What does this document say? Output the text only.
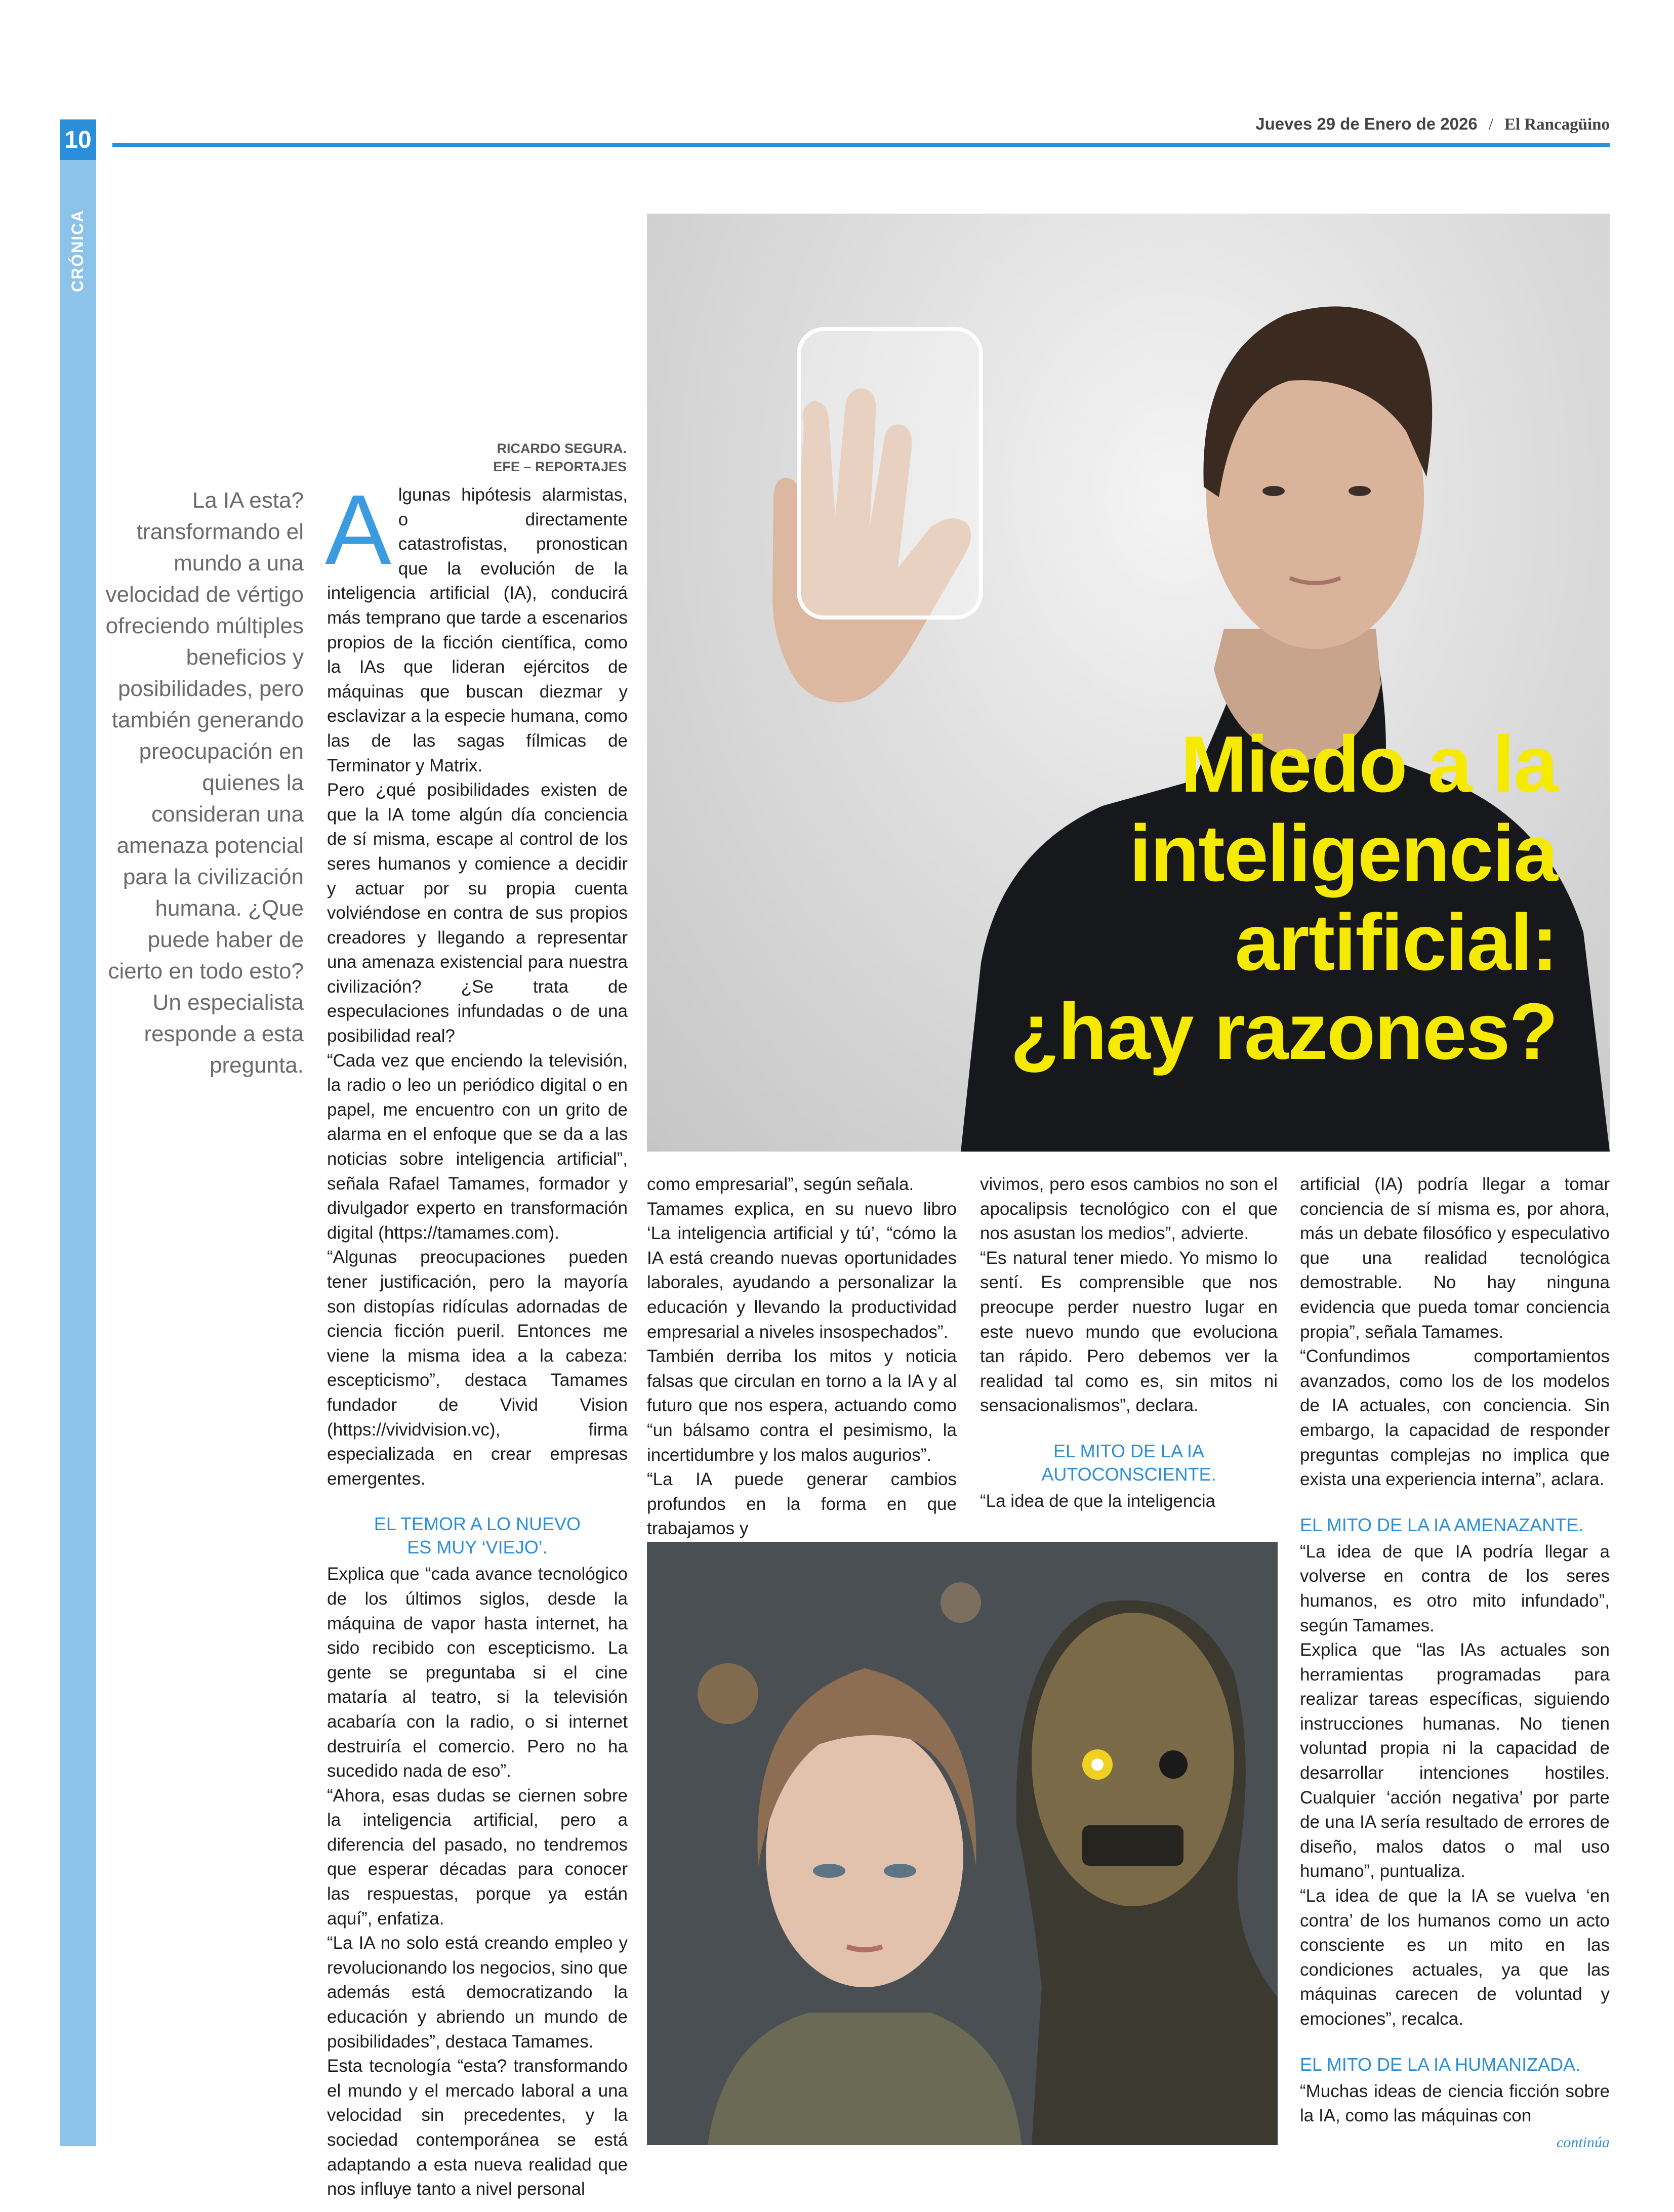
10
CRÓNICA
Jueves 29 de Enero de 2026 / El Rancagüino
Miedo a la
inteligencia
artificial:
¿hay razones?
RICARDO SEGURA.
EFE – REPORTAJES
La IA esta? transformando el mundo a una velocidad de vértigo ofreciendo múltiples beneficios y posibilidades, pero también generando preocupación en quienes la consideran una amenaza potencial para la civilización humana. ¿Que puede haber de cierto en todo esto? Un especialista responde a esta pregunta.

Algunas hipótesis alarmistas, o directamente catastrofistas, pronostican que la evolución de la inteligencia artificial (IA), conducirá más temprano que tarde a escenarios propios de la ficción científica, como la IAs que lideran ejércitos de máquinas que buscan diezmar y esclavizar a la especie humana, como las de las sagas fílmicas de Terminator y Matrix.

Pero ¿qué posibilidades existen de que la IA tome algún día conciencia de sí misma, escape al control de los seres humanos y comience a decidir y actuar por su propia cuenta volviéndose en contra de sus propios creadores y llegando a representar una amenaza existencial para nuestra civilización? ¿Se trata de especulaciones infundadas o de una posibilidad real?

“Cada vez que enciendo la televisión, la radio o leo un periódico digital o en papel, me encuentro con un grito de alarma en el enfoque que se da a las noticias sobre inteligencia artificial”, señala Rafael Tamames, formador y divulgador experto en transformación digital (https://tamames.com).

“Algunas preocupaciones pueden tener justificación, pero la mayoría son distopías ridículas adornadas de ciencia ficción pueril. Entonces me viene la misma idea a la cabeza: escepticismo”, destaca Tamames fundador de Vivid Vision (https://vividvision.vc), firma especializada en crear empresas emergentes.

EL TEMOR A LO NUEVO
ES MUY ‘VIEJO’.

Explica que “cada avance tecnológico de los últimos siglos, desde la máquina de vapor hasta internet, ha sido recibido con escepticismo. La gente se preguntaba si el cine mataría al teatro, si la televisión acabaría con la radio, o si internet destruiría el comercio. Pero no ha sucedido nada de eso”.

“Ahora, esas dudas se ciernen sobre la inteligencia artificial, pero a diferencia del pasado, no tendremos que esperar décadas para conocer las respuestas, porque ya están aquí”, enfatiza.

“La IA no solo está creando empleo y revolucionando los negocios, sino que además está democratizando la educación y abriendo un mundo de posibilidades”, destaca Tamames.

Esta tecnología “esta? transformando el mundo y el mercado laboral a una velocidad sin precedentes, y la sociedad contemporánea se está adaptando a esta nueva realidad que nos influye tanto a nivel personal

como empresarial”, según señala.

Tamames explica, en su nuevo libro ‘La inteligencia artificial y tú’, “cómo la IA está creando nuevas oportunidades laborales, ayudando a personalizar la educación y llevando la productividad empresarial a niveles insospechados”.

También derriba los mitos y noticia falsas que circulan en torno a la IA y al futuro que nos espera, actuando como “un bálsamo contra el pesimismo, la incertidumbre y los malos augurios”.

“La IA puede generar cambios profundos en la forma en que trabajamos y

vivimos, pero esos cambios no son el apocalipsis tecnológico con el que nos asustan los medios”, advierte.

“Es natural tener miedo. Yo mismo lo sentí. Es comprensible que nos preocupe perder nuestro lugar en este nuevo mundo que evoluciona tan rápido. Pero debemos ver la realidad tal como es, sin mitos ni sensacionalismos”, declara.

EL MITO DE LA IA
AUTOCONSCIENTE.

“La idea de que la inteligencia

artificial (IA) podría llegar a tomar conciencia de sí misma es, por ahora, más un debate filosófico y especulativo que una realidad tecnológica demostrable. No hay ninguna evidencia que pueda tomar conciencia propia”, señala Tamames.

“Confundimos comportamientos avanzados, como los de los modelos de IA actuales, con conciencia. Sin embargo, la capacidad de responder preguntas complejas no implica que exista una experiencia interna”, aclara.

EL MITO DE LA IA AMENAZANTE.

“La idea de que IA podría llegar a volverse en contra de los seres humanos, es otro mito infundado”, según Tamames.

Explica que “las IAs actuales son herramientas programadas para realizar tareas específicas, siguiendo instrucciones humanas. No tienen voluntad propia ni la capacidad de desarrollar intenciones hostiles. Cualquier ‘acción negativa’ por parte de una IA sería resultado de errores de diseño, malos datos o mal uso humano”, puntualiza.

“La idea de que la IA se vuelva ‘en contra’ de los humanos como un acto consciente es un mito en las condiciones actuales, ya que las máquinas carecen de voluntad y emociones”, recalca.

EL MITO DE LA IA HUMANIZADA.

“Muchas ideas de ciencia ficción sobre la IA, como las máquinas con

continúa
